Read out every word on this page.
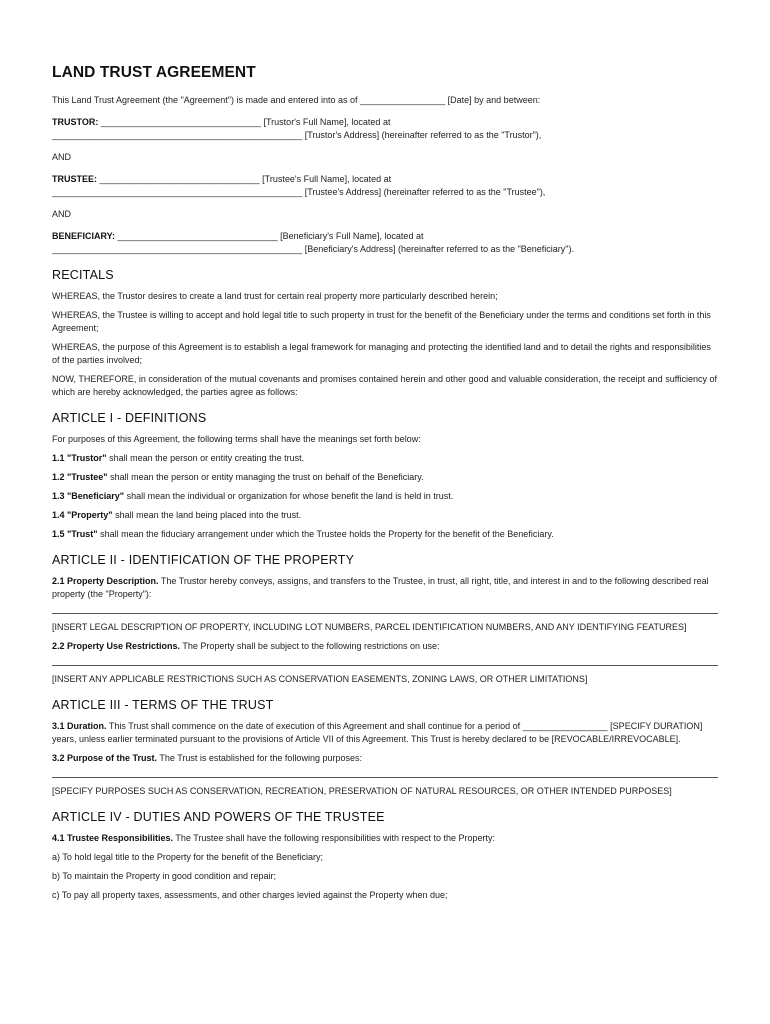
LAND TRUST AGREEMENT

This Land Trust Agreement (the "Agreement") is made and entered into as of _________________ [Date] by and between:

TRUSTOR: ________________________________ [Trustor's Full Name], located at

__________________________________________________ [Trustor's Address] (hereinafter referred to as the "Trustor"),

AND

TRUSTEE: ________________________________ [Trustee's Full Name], located at

__________________________________________________ [Trustee's Address] (hereinafter referred to as the "Trustee"),

AND

BENEFICIARY: ________________________________ [Beneficiary's Full Name], located at

__________________________________________________ [Beneficiary's Address] (hereinafter referred to as the "Beneficiary").

RECITALS

WHEREAS, the Trustor desires to create a land trust for certain real property more particularly described herein;

WHEREAS, the Trustee is willing to accept and hold legal title to such property in trust for the benefit of the Beneficiary under the terms and conditions set forth in this Agreement;

WHEREAS, the purpose of this Agreement is to establish a legal framework for managing and protecting the identified land and to detail the rights and responsibilities of the parties involved;

NOW, THEREFORE, in consideration of the mutual covenants and promises contained herein and other good and valuable consideration, the receipt and sufficiency of which are hereby acknowledged, the parties agree as follows:

ARTICLE I - DEFINITIONS

For purposes of this Agreement, the following terms shall have the meanings set forth below:

1.1 "Trustor" shall mean the person or entity creating the trust.

1.2 "Trustee" shall mean the person or entity managing the trust on behalf of the Beneficiary.

1.3 "Beneficiary" shall mean the individual or organization for whose benefit the land is held in trust.

1.4 "Property" shall mean the land being placed into the trust.

1.5 "Trust" shall mean the fiduciary arrangement under which the Trustee holds the Property for the benefit of the Beneficiary.

ARTICLE II - IDENTIFICATION OF THE PROPERTY

2.1 Property Description. The Trustor hereby conveys, assigns, and transfers to the Trustee, in trust, all right, title, and interest in and to the following described real property (the "Property"):

[INSERT LEGAL DESCRIPTION OF PROPERTY, INCLUDING LOT NUMBERS, PARCEL IDENTIFICATION NUMBERS, AND ANY IDENTIFYING FEATURES]

2.2 Property Use Restrictions. The Property shall be subject to the following restrictions on use:

[INSERT ANY APPLICABLE RESTRICTIONS SUCH AS CONSERVATION EASEMENTS, ZONING LAWS, OR OTHER LIMITATIONS]

ARTICLE III - TERMS OF THE TRUST

3.1 Duration. This Trust shall commence on the date of execution of this Agreement and shall continue for a period of _________________ [SPECIFY DURATION] years, unless earlier terminated pursuant to the provisions of Article VII of this Agreement. This Trust is hereby declared to be [REVOCABLE/IRREVOCABLE].

3.2 Purpose of the Trust. The Trust is established for the following purposes:

[SPECIFY PURPOSES SUCH AS CONSERVATION, RECREATION, PRESERVATION OF NATURAL RESOURCES, OR OTHER INTENDED PURPOSES]

ARTICLE IV - DUTIES AND POWERS OF THE TRUSTEE

4.1 Trustee Responsibilities. The Trustee shall have the following responsibilities with respect to the Property:

a) To hold legal title to the Property for the benefit of the Beneficiary;

b) To maintain the Property in good condition and repair;

c) To pay all property taxes, assessments, and other charges levied against the Property when due;
